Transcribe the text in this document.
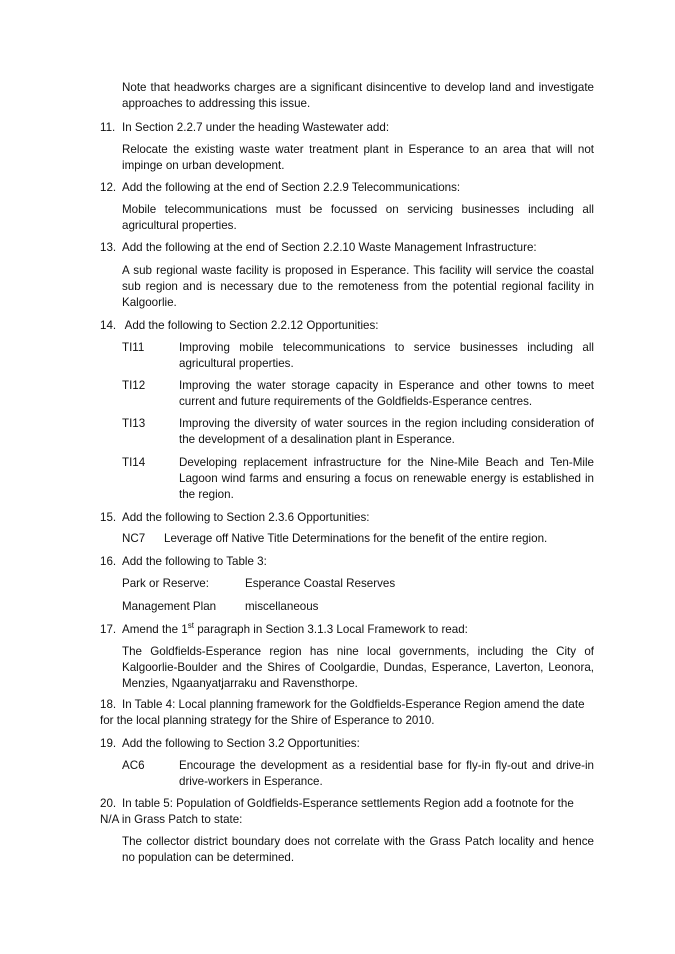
Note that headworks charges are a significant disincentive to develop land and investigate approaches to addressing this issue.

11. In Section 2.2.7 under the heading Wastewater add:

Relocate the existing waste water treatment plant in Esperance to an area that will not impinge on urban development.

12. Add the following at the end of Section 2.2.9 Telecommunications:

Mobile telecommunications must be focussed on servicing businesses including all agricultural properties.

13. Add the following at the end of Section 2.2.10 Waste Management Infrastructure:

A sub regional waste facility is proposed in Esperance. This facility will service the coastal sub region and is necessary due to the remoteness from the potential regional facility in Kalgoorlie.

14. Add the following to Section 2.2.12 Opportunities:

TI11	Improving mobile telecommunications to service businesses including all agricultural properties.

TI12	Improving the water storage capacity in Esperance and other towns to meet current and future requirements of the Goldfields-Esperance centres.

TI13	Improving the diversity of water sources in the region including consideration of the development of a desalination plant in Esperance.

TI14	Developing replacement infrastructure for the Nine-Mile Beach and Ten-Mile Lagoon wind farms and ensuring a focus on renewable energy is established in the region.

15. Add the following to Section 2.3.6 Opportunities:

NC7 Leverage off Native Title Determinations for the benefit of the entire region.

16. Add the following to Table 3:

Park or Reserve:	Esperance Coastal Reserves

Management Plan miscellaneous

17. Amend the 1st paragraph in Section 3.1.3 Local Framework to read:

The Goldfields-Esperance region has nine local governments, including the City of Kalgoorlie-Boulder and the Shires of Coolgardie, Dundas, Esperance, Laverton, Leonora, Menzies, Ngaanyatjarraku and Ravensthorpe.

18. In Table 4: Local planning framework for the Goldfields-Esperance Region amend the date for the local planning strategy for the Shire of Esperance to 2010.

19. Add the following to Section 3.2 Opportunities:

AC6	Encourage the development as a residential base for fly-in fly-out and drive-in drive-workers in Esperance.

20. In table 5: Population of Goldfields-Esperance settlements Region add a footnote for the N/A in Grass Patch to state:

The collector district boundary does not correlate with the Grass Patch locality and hence no population can be determined.
